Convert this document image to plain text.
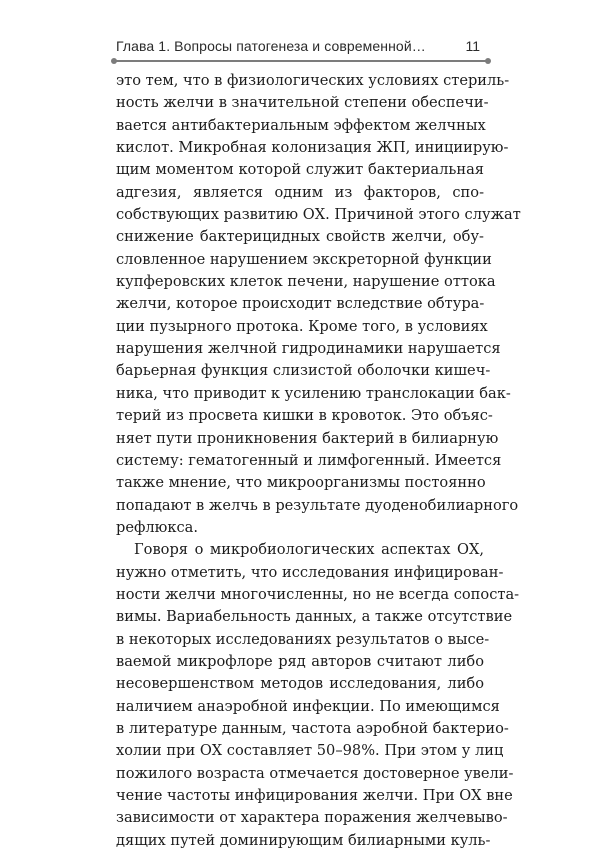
Глава 1. Вопросы патогенеза и современной…	11
это тем, что в физиологических условиях стериль-
ность желчи в значительной степени обеспечи-
вается антибактериальным эффектом желчных
кислот. Микробная колонизация ЖП, инициирую-
щим моментом которой служит бактериальная
адгезия, является одним из факторов, спо-
собствующих развитию ОХ. Причиной этого служат
снижение бактерицидных свойств желчи, обу-
словленное нарушением экскреторной функции
купферовских клеток печени, нарушение оттока
желчи, которое происходит вследствие обтура-
ции пузырного протока. Кроме того, в условиях
нарушения желчной гидродинамики нарушается
барьерная функция слизистой оболочки кишеч-
ника, что приводит к усилению транслокации бак-
терий из просвета кишки в кровоток. Это объяс-
няет пути проникновения бактерий в билиарную
систему: гематогенный и лимфогенный. Имеется
также мнение, что микроорганизмы постоянно
попадают в желчь в результате дуоденобилиарного
рефлюкса.
Говоря о микробиологических аспектах ОХ,
нужно отметить, что исследования инфицирован-
ности желчи многочисленны, но не всегда сопоста-
вимы. Вариабельность данных, а также отсутствие
в некоторых исследованиях результатов о высе-
ваемой микрофлоре ряд авторов считают либо
несовершенством методов исследования, либо
наличием анаэробной инфекции. По имеющимся
в литературе данным, частота аэробной бактерио-
холии при ОХ составляет 50–98%. При этом у лиц
пожилого возраста отмечается достоверное увели-
чение частоты инфицирования желчи. При ОХ вне
зависимости от характера поражения желчевыво-
дящих путей доминирующим билиарными куль-
